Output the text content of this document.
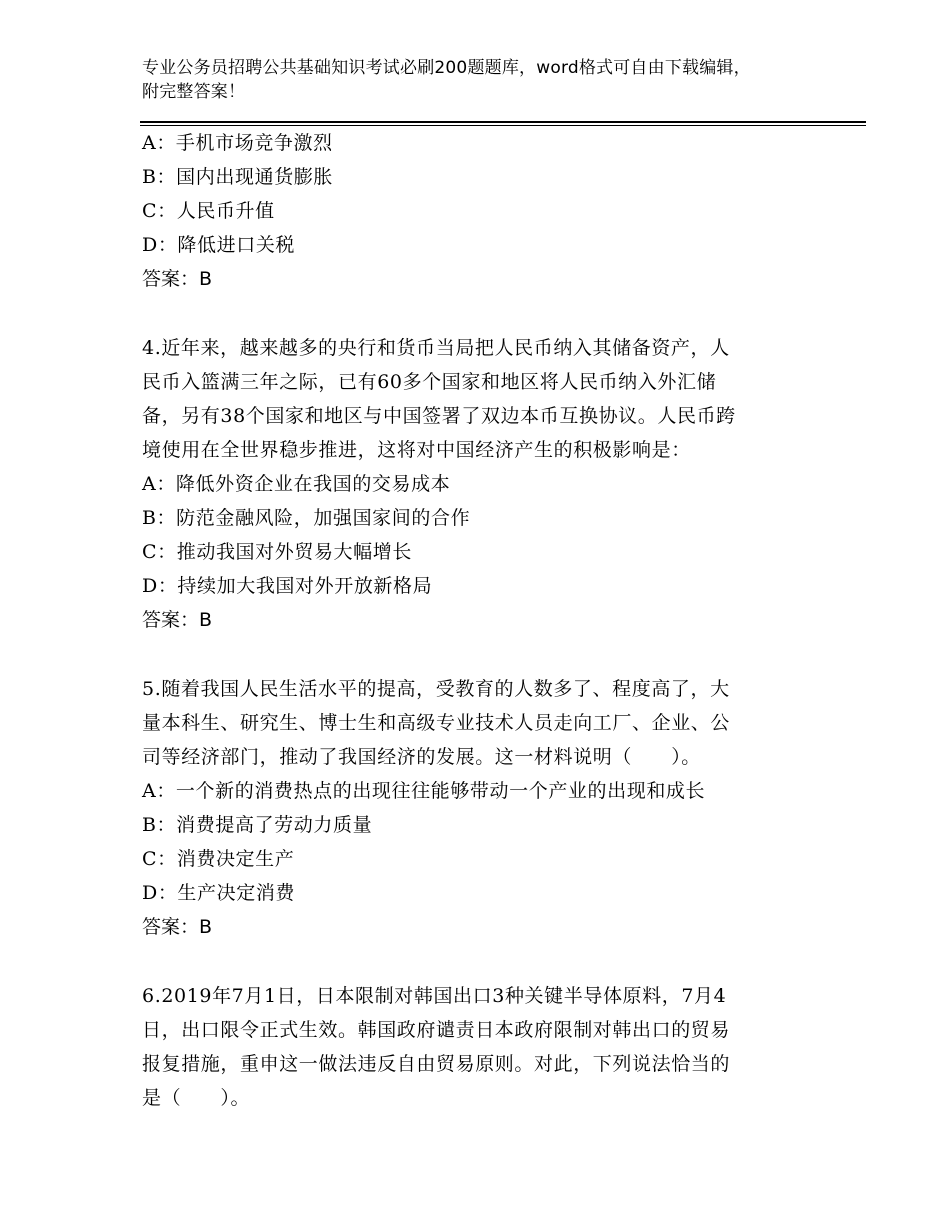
专业公务员招聘公共基础知识考试必刷200题题库，word格式可自由下载编辑，
附完整答案！
A：手机市场竞争激烈
B：国内出现通货膨胀
C：人民币升值
D：降低进口关税
答案：B
4.近年来，越来越多的央行和货币当局把人民币纳入其储备资产，人
民币入篮满三年之际，已有60多个国家和地区将人民币纳入外汇储
备，另有38个国家和地区与中国签署了双边本币互换协议。人民币跨
境使用在全世界稳步推进，这将对中国经济产生的积极影响是：
A：降低外资企业在我国的交易成本
B：防范金融风险，加强国家间的合作
C：推动我国对外贸易大幅增长
D：持续加大我国对外开放新格局
答案：B
5.随着我国人民生活水平的提高，受教育的人数多了、程度高了，大
量本科生、研究生、博士生和高级专业技术人员走向工厂、企业、公
司等经济部门，推动了我国经济的发展。这一材料说明（　　）。
A：一个新的消费热点的出现往往能够带动一个产业的出现和成长
B：消费提高了劳动力质量
C：消费决定生产
D：生产决定消费
答案：B
6.2019年7月1日，日本限制对韩国出口3种关键半导体原料，7月4
日，出口限令正式生效。韩国政府谴责日本政府限制对韩出口的贸易
报复措施，重申这一做法违反自由贸易原则。对此，下列说法恰当的
是（　　）。
